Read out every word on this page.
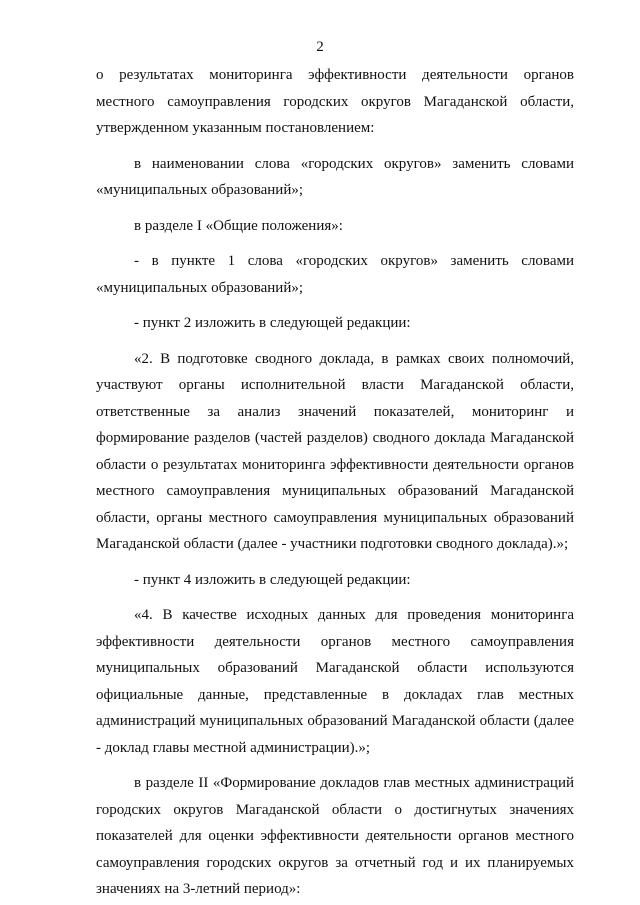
2

о результатах мониторинга эффективности деятельности органов местного самоуправления городских округов Магаданской области, утвержденном указанным постановлением:

в наименовании слова «городских округов» заменить словами «муниципальных образований»;

в разделе I «Общие положения»:

- в пункте 1 слова «городских округов» заменить словами «муниципальных образований»;

- пункт 2 изложить в следующей редакции:

«2. В подготовке сводного доклада, в рамках своих полномочий, участвуют органы исполнительной власти Магаданской области, ответственные за анализ значений показателей, мониторинг и формирование разделов (частей разделов) сводного доклада Магаданской области о результатах мониторинга эффективности деятельности органов местного самоуправления муниципальных образований Магаданской области, органы местного самоуправления муниципальных образований Магаданской области (далее - участники подготовки сводного доклада).»;

- пункт 4 изложить в следующей редакции:

«4. В качестве исходных данных для проведения мониторинга эффективности деятельности органов местного самоуправления муниципальных образований Магаданской области используются официальные данные, представленные в докладах глав местных администраций муниципальных образований Магаданской области (далее - доклад главы местной администрации).»;

в разделе II «Формирование докладов глав местных администраций городских округов Магаданской области о достигнутых значениях показателей для оценки эффективности деятельности органов местного самоуправления городских округов за отчетный год и их планируемых значениях на 3-летний период»:
